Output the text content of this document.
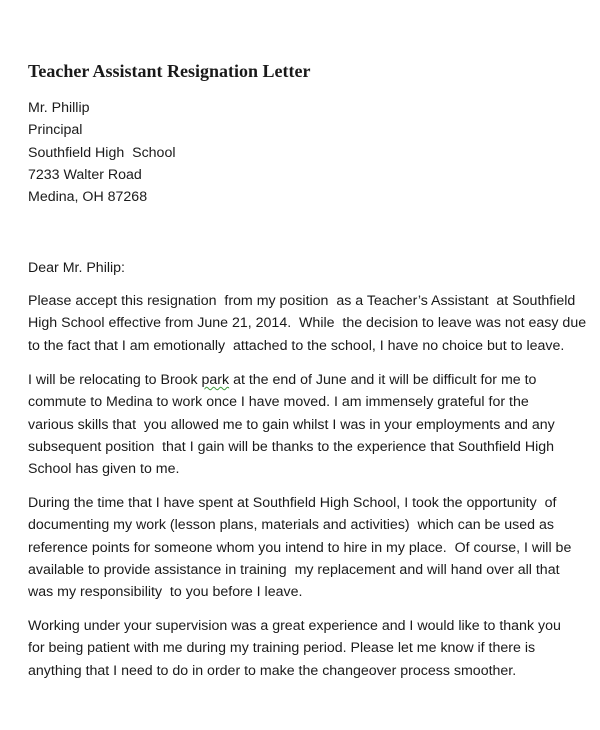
Teacher Assistant Resignation Letter
Mr. Phillip
Principal
Southfield High  School
7233 Walter Road
Medina, OH 87268
Dear Mr. Philip:
Please accept this resignation  from my position  as a Teacher’s Assistant  at Southfield
High School effective from June 21, 2014.  While  the decision to leave was not easy due
to the fact that I am emotionally  attached to the school, I have no choice but to leave.
I will be relocating to Brook park at the end of June and it will be difficult for me to
commute to Medina to work once I have moved. I am immensely grateful for the
various skills that  you allowed me to gain whilst I was in your employments and any
subsequent position  that I gain will be thanks to the experience that Southfield High
School has given to me.
During the time that I have spent at Southfield High School, I took the opportunity  of
documenting my work (lesson plans, materials and activities)  which can be used as
reference points for someone whom you intend to hire in my place.  Of course, I will be
available to provide assistance in training  my replacement and will hand over all that
was my responsibility  to you before I leave.
Working under your supervision was a great experience and I would like to thank you
for being patient with me during my training period. Please let me know if there is
anything that I need to do in order to make the changeover process smoother.
